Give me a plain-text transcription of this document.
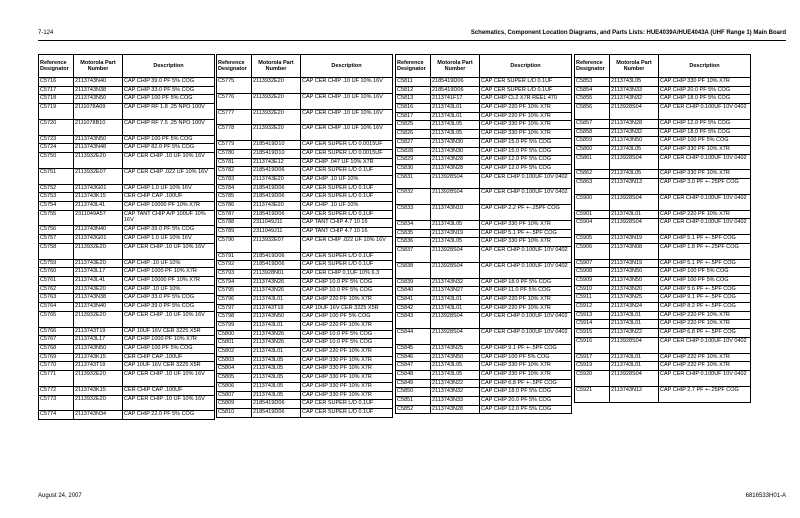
7-124	Schematics, Component Location Diagrams, and Parts Lists: HUE4039A/HUE4043A (UHF Range 1) Main Board
Reference Designator	Motorola Part Number	Description
C5716	2113743N40	CAP CHIP 39.0 PF 5% COG
C5717	2113743N38	CAP CHIP 33.0 PF 5% COG
C5718	2113743N50	CAP CHIP 100 PF 5% COG
C5719	2111078A09	CAP CHIP RF 1.8 .25 NPO 100V
C5720	2111078B10	CAP CHIP RF 7.5 .25 NPO 100V
C5723	2113743N50	CAP CHIP 100 PF 5% COG
C5724	2113743N48	CAP CHIP 82.0 PF 5% COG
C5750	2113932E20	CAP CER CHIP .10 UF 10% 16V
C5751	2113932E07	CAP CER CHIP .022 UF 10% 16V
C5752	2113743G01	CAP CHIP 1.0 UF 10% 16V
C5753	2113743K15	CER CHIP CAP .100UF
C5754	2113743L41	CAP CHIP 10000 PF 10% X7R
C5755	2311049A57	CAP TANT CHIP A/P 100UF 10% 16V
C5756	2113743N40	CAP CHIP 39.0 PF 5% COG
C5757	2113743G01	CAP CHIP 1.0 UF 10% 16V
C5758	2113932E20	CAP CER CHIP .10 UF 10% 16V
C5759	2113743E20	CAP CHIP .10 UF 10%
C5760	2113743L17	CAP CHIP 1000 PF 10% X7R
C5761	2113743L41	CAP CHIP 10000 PF 10% X7R
C5762	2113743E20	CAP CHIP .10 UF 10%
C5763	2113743N38	CAP CHIP 33.0 PF 5% COG
C5764	2113743N40	CAP CHIP 39.0 PF 5% COG
C5765	2113932E20	CAP CER CHIP .10 UF 10% 16V
C5766	2113743T19	CAP 10UF 16V CER 3225 X5R
C5767	2113743L17	CAP CHIP 1000 PF 10% X7R
C5768	2113743N50	CAP CHIP 100 PF 5% COG
C5769	2113743K15	CER CHIP CAP .100UF
C5770	2113743T19	CAP 10UF 16V CER 3225 X5R
C5771	2113932E20	CAP CER CHIP .10 UF 10% 16V
C5772	2113743K15	CER CHIP CAP .100UF
C5773	2113932E20	CAP CER CHIP .10 UF 10% 16V
C5774	2113743N34	CAP CHIP 22.0 PF 5% COG
Reference Designator	Motorola Part Number	Description
C5775	2113932E20	CAP CER CHIP .10 UF 10% 16V
C5776	2113932E20	CAP CER CHIP .10 UF 10% 16V
C5777	2113932E20	CAP CER CHIP .10 UF 10% 16V
C5778	2113932E20	CAP CER CHIP .10 UF 10% 16V
C5779	2185419D10	CAP CER SUPER L/D 0.0015UF
C5780	2185419D10	CAP CER SUPER L/D 0.0015UF
C5781	2113743E12	CAP CHIP .047 UF 10% X7R
C5782	2185419D06	CAP CER SUPER L/D 0.1UF
C5783	2113743E20	CAP CHIP .10 UF 10%
C5784	2185419D06	CAP CER SUPER L/D 0.1UF
C5785	2185419D06	CAP CER SUPER L/D 0.1UF
C5786	2113743E20	CAP CHIP .10 UF 10%
C5787	2185419D06	CAP CER SUPER L/D 0.1UF
C5788	2311049J11	CAP TANT CHIP 4.7 10 16
C5789	2311049J11	CAP TANT CHIP 4.7 10 16
C5790	2113932E07	CAP CER CHIP .022 UF 10% 16V
C5791	2185419D06	CAP CER SUPER L/D 0.1UF
C5792	2185419D06	CAP CER SUPER L/D 0.1UF
C5793	2113928N01	CAP CER CHIP 0.1UF 10% 6.3
C5794	2113743N26	CAP CHIP 10.0 PF 5% COG
C5795	2113743N26	CAP CHIP 10.0 PF 5% COG
C5796	2113743L01	CAP CHIP 220 PF 10% X7R
C5797	2113743T19	CAP 10UF 16V CER 3225 X5R
C5798	2113743N50	CAP CHIP 100 PF 5% COG
C5799	2113743L01	CAP CHIP 220 PF 10% X7R
C5800	2113743N26	CAP CHIP 10.0 PF 5% COG
C5801	2113743N26	CAP CHIP 10.0 PF 5% COG
C5802	2113743L01	CAP CHIP 220 PF 10% X7R
C5803	2113743L05	CAP CHIP 330 PF 10% X7R
C5804	2113743L05	CAP CHIP 330 PF 10% X7R
C5805	2113743L05	CAP CHIP 330 PF 10% X7R
C5806	2113743L05	CAP CHIP 330 PF 10% X7R
C5807	2113743L05	CAP CHIP 330 PF 10% X7R
C5809	2185419D06	CAP CER SUPER L/D 0.1UF
C5810	2185419D06	CAP CER SUPER L/D 0.1UF
Reference Designator	Motorola Part Number	Description
C5811	2185419D06	CAP CER SUPER L/D 0.1UF
C5812	2185419D06	CAP CER SUPER L/D 0.1UF
C5813	2113741F17	CAP CHIP CL2 X7R REEL 470
C5816	2113743L01	CAP CHIP 220 PF 10% X7R
C5817	2113743L01	CAP CHIP 220 PF 10% X7R
C5825	2113743L05	CAP CHIP 330 PF 10% X7R
C5826	2113743L05	CAP CHIP 330 PF 10% X7R
C5827	2113743N30	CAP CHIP 15.0 PF 5% COG
C5828	2113743N30	CAP CHIP 15.0 PF 5% COG
C5829	2113743N28	CAP CHIP 12.0 PF 5% COG
C5830	2113743N28	CAP CHIP 12.0 PF 5% COG
C5831	2113928S04	CAP CER CHIP 0.100UF 10V 0402
C5832	2113928S04	CAP CER CHIP 0.100UF 10V 0402
C5833	2113743N10	CAP CHIP 2.2 PF +-.25PF COG
C5834	2113743L05	CAP CHIP 330 PF 10% X7R
C5835	2113743N19	CAP CHIP 5.1 PF +-.5PF COG
C5836	2113743L05	CAP CHIP 330 PF 10% X7R
C5837	2113928S04	CAP CER CHIP 0.100UF 10V 0402
C5838	2113928S04	CAP CER CHIP 0.100UF 10V 0402
C5839	2113743N32	CAP CHIP 18.0 PF 5% COG
C5840	2113743N27	CAP CHIP 11.0 PF 5% COG
C5841	2113743L01	CAP CHIP 220 PF 10% X7R
C5842	2113743L01	CAP CHIP 220 PF 10% X7R
C5843	2113928S04	CAP CER CHIP 0.100UF 10V 0402
C5844	2113928S04	CAP CER CHIP 0.100UF 10V 0402
C5845	2113743N25	CAP CHIP 9.1 PF +-.5PF COG
C5846	2113743N50	CAP CHIP 100 PF 5% COG
C5847	2113743L05	CAP CHIP 330 PF 10% X7R
C5848	2113743L05	CAP CHIP 330 PF 10% X7R
C5849	2113743N22	CAP CHIP 6.8 PF +-.5PF COG
C5850	2113743N32	CAP CHIP 18.0 PF 5% COG
C5851	2113743N33	CAP CHIP 20.0 PF 5% COG
C5852	2113743N28	CAP CHIP 12.0 PF 5% COG
Reference Designator	Motorola Part Number	Description
C5853	2113743L05	CAP CHIP 330 PF 10% X7R
C5854	2113743N33	CAP CHIP 20.0 PF 5% COG
C5855	2113743N32	CAP CHIP 18.0 PF 5% COG
C5856	2113928S04	CAP CER CHIP 0.100UF 10V 0402
C5857	2113743N28	CAP CHIP 12.0 PF 5% COG
C5858	2113743N32	CAP CHIP 18.0 PF 5% COG
C5859	2113743N50	CAP CHIP 100 PF 5% COG
C5860	2113743L05	CAP CHIP 330 PF 10% X7R
C5861	2113928S04	CAP CER CHIP 0.100UF 10V 0402
C5862	2113743L05	CAP CHIP 330 PF 10% X7R
C5863	2113743N13	CAP CHIP 3.0 PF +-.25PF COG
C5900	2113928S04	CAP CER CHIP 0.100UF 10V 0402
C5901	2113743L01	CAP CHIP 220 PF 10% X7R
C5904	2113928S04	CAP CER CHIP 0.100UF 10V 0402
C5905	2113743N19	CAP CHIP 5.1 PF +-.5PF COG
C5906	2113743N08	CAP CHIP 1.8 PF +-.25PF COG
C5907	2113743N19	CAP CHIP 5.1 PF +-.5PF COG
C5908	2113743N50	CAP CHIP 100 PF 5% COG
C5909	2113743N50	CAP CHIP 100 PF 5% COG
C5910	2113743N20	CAP CHIP 5.6 PF +-.5PF COG
C5911	2113743N25	CAP CHIP 9.1 PF +-.5PF COG
C5912	2113743N24	CAP CHIP 8.2 PF +-.5PF COG
C5913	2113743L01	CAP CHIP 220 PF 10% X7R
C5914	2113743L01	CAP CHIP 220 PF 10% X7R
C5915	2113743N22	CAP CHIP 6.8 PF +-.5PF COG
C5916	2113928S04	CAP CER CHIP 0.100UF 10V 0402
C5917	2113743L01	CAP CHIP 220 PF 10% X7R
C5919	2113743L01	CAP CHIP 220 PF 10% X7R
C5920	2113928S04	CAP CER CHIP 0.100UF 10V 0402
C5921	2113743N12	CAP CHIP 2.7 PF +-.25PF COG
August 24, 2007	6816533H01-A
